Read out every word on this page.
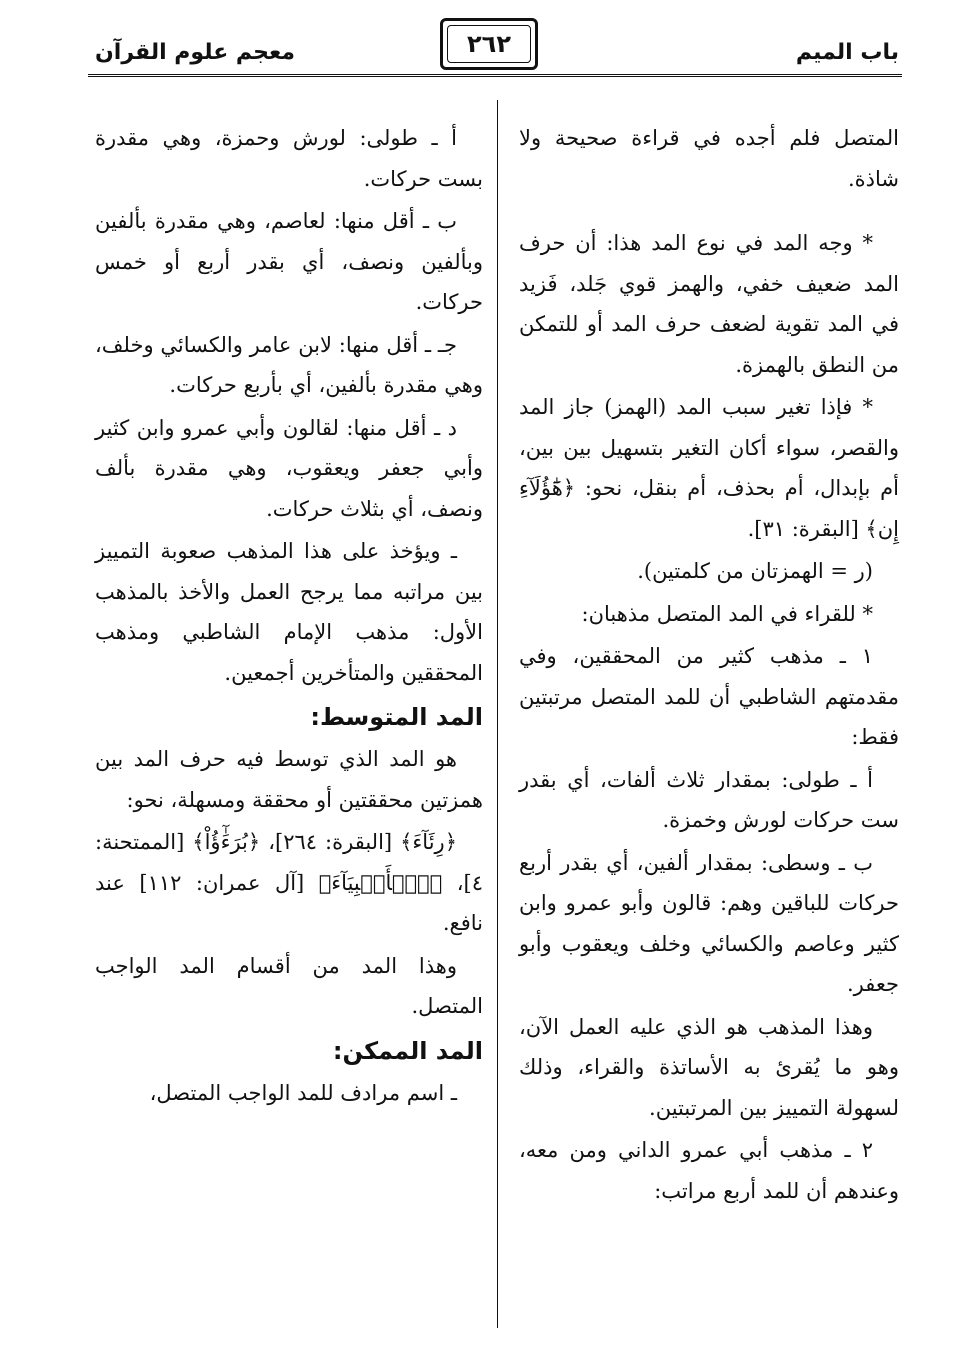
باب الميم
٢٦٢
معجم علوم القرآن

المتصل فلم أجده في قراءة صحيحة ولا شاذة.

* وجه المد في نوع المد هذا: أن حرف المد ضعيف خفي، والهمز قوي جَلد، فَزيد في المد تقوية لضعف حرف المد أو للتمكن من النطق بالهمزة.

* فإذا تغير سبب المد (الهمز) جاز المد والقصر، سواء أكان التغير بتسهيل بين بين، أم بإبدال، أم بحذف، أم بنقل، نحو: ﴿هَٰٓؤُلَآءِ إِن﴾ [البقرة: ٣١].

(ر = الهمزتان من كلمتين).

* للقراء في المد المتصل مذهبان:

١ ـ مذهب كثير من المحققين، وفي مقدمتهم الشاطبي أن للمد المتصل مرتبتين فقط:

أ ـ طولى: بمقدار ثلاث ألفات، أي بقدر ست حركات لورش وخمزة.

ب ـ وسطى: بمقدار ألفين، أي بقدر أربع حركات للباقين وهم: قالون وأبو عمرو وابن كثير وعاصم والكسائي وخلف ويعقوب وأبو جعفر.

وهذا المذهب هو الذي عليه العمل الآن، وهو ما يُقرئ به الأساتذة والقراء، وذلك لسهولة التمييز بين المرتبتين.

٢ ـ مذهب أبي عمرو الداني ومن معه، وعندهم أن للمد أربع مراتب:

أ ـ طولى: لورش وحمزة، وهي مقدرة بست حركات.

ب ـ أقل منها: لعاصم، وهي مقدرة بألفين وبألفين ونصف، أي بقدر أربع أو خمس حركات.

جـ ـ أقل منها: لابن عامر والكسائي وخلف، وهي مقدرة بألفين، أي بأربع حركات.

د ـ أقل منها: لقالون وأبي عمرو وابن كثير وأبي جعفر ويعقوب، وهي مقدرة بألف ونصف، أي بثلاث حركات.

ـ ويؤخذ على هذا المذهب صعوبة التمييز بين مراتبه مما يرجح العمل والأخذ بالمذهب الأول: مذهب الإمام الشاطبي ومذهب المحققين والمتأخرين أجمعين.

المد المتوسط:

هو المد الذي توسط فيه حرف المد بين همزتين محققتين أو محققة ومسهلة، نحو:

﴿رِئَآءَ﴾ [البقرة: ٢٦٤]، ﴿بُرَءَٰٓؤُاْ﴾ [الممتحنة: ٤]، ﴿ٱلۡأَنۢبِيَآءَ﴾ [آل عمران: ١١٢] عند نافع.

وهذا المد من أقسام المد الواجب المتصل.

المد الممكن:

ـ اسم مرادف للمد الواجب المتصل،
